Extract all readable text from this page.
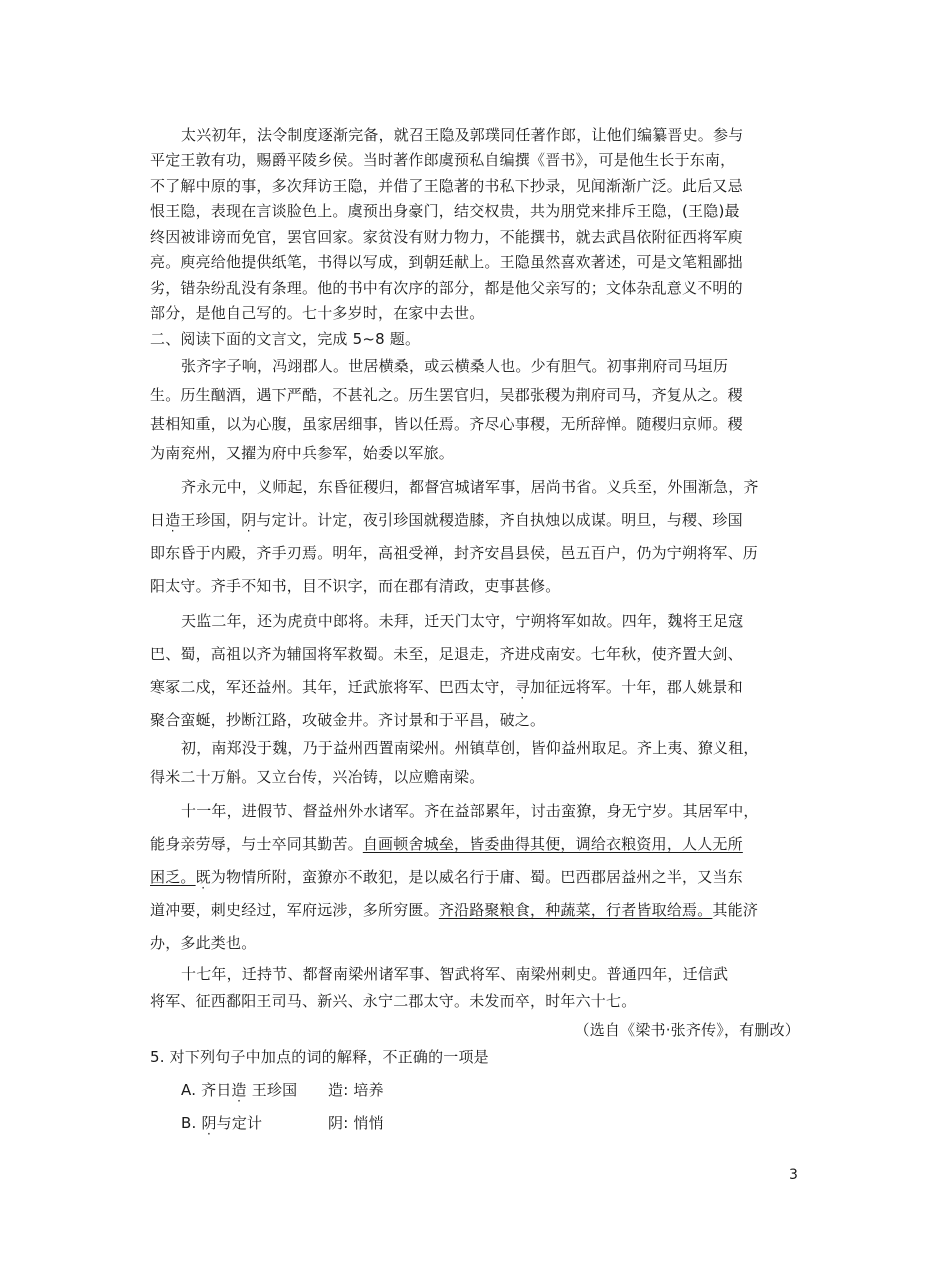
太兴初年，法令制度逐渐完备，就召王隐及郭璞同任著作郎，让他们编纂晋史。参与
平定王敦有功，赐爵平陵乡侯。当时著作郎虞预私自编撰《晋书》，可是他生长于东南，
不了解中原的事，多次拜访王隐，并借了王隐著的书私下抄录，见闻渐渐广泛。此后又忌
恨王隐，表现在言谈脸色上。虞预出身豪门，结交权贵，共为朋党来排斥王隐，(王隐)最
终因被诽谤而免官，罢官回家。家贫没有财力物力，不能撰书，就去武昌依附征西将军庾
亮。庾亮给他提供纸笔，书得以写成，到朝廷献上。王隐虽然喜欢著述，可是文笔粗鄙拙
劣，错杂纷乱没有条理。他的书中有次序的部分，都是他父亲写的；文体杂乱意义不明的
部分，是他自己写的。七十多岁时，在家中去世。
二、阅读下面的文言文，完成 5~8 题。
张齐字子响，冯翊郡人。世居横桑，或云横桑人也。少有胆气。初事荆府司马垣历
生。历生酗酒，遇下严酷，不甚礼之。历生罢官归，吴郡张稷为荆府司马，齐复从之。稷
甚相知重，以为心腹，虽家居细事，皆以任焉。齐尽心事稷，无所辞惮。随稷归京师。稷
为南兖州，又擢为府中兵参军，始委以军旅。
齐永元中，义师起，东昏征稷归，都督宫城诸军事，居尚书省。义兵至，外围渐急，齐
日造王珍国，阴与定计。计定，夜引珍国就稷造膝，齐自执烛以成谋。明旦，与稷、珍国
即东昏于内殿，齐手刃焉。明年，高祖受禅，封齐安昌县侯，邑五百户，仍为宁朔将军、历
阳太守。齐手不知书，目不识字，而在郡有清政，吏事甚修。
天监二年，还为虎贲中郎将。未拜，迁天门太守，宁朔将军如故。四年，魏将王足寇
巴、蜀，高祖以齐为辅国将军救蜀。未至，足退走，齐进戍南安。七年秋，使齐置大剑、
寒冢二戍，军还益州。其年，迁武旅将军、巴西太守，寻加征远将军。十年，郡人姚景和
聚合蛮蜒，抄断江路，攻破金井。齐讨景和于平昌，破之。
初，南郑没于魏，乃于益州西置南梁州。州镇草创，皆仰益州取足。齐上夷、獠义租，
得米二十万斛。又立台传，兴冶铸，以应赡南梁。
十一年，进假节、督益州外水诸军。齐在益部累年，讨击蛮獠，身无宁岁。其居军中，
能身亲劳辱，与士卒同其勤苦。自画顿舍城垒，皆委曲得其便，调给衣粮资用，人人无所
困乏。既为物情所附，蛮獠亦不敢犯，是以威名行于庸、蜀。巴西郡居益州之半，又当东
道冲要，刺史经过，军府远涉，多所穷匮。齐沿路聚粮食，种蔬菜，行者皆取给焉。其能济
办，多此类也。
十七年，迁持节、都督南梁州诸军事、智武将军、南梁州刺史。普通四年，迁信武
将军、征西鄱阳王司马、新兴、永宁二郡太守。未发而卒，时年六十七。
（选自《梁书·张齐传》，有删改）
5. 对下列句子中加点的词的解释，不正确的一项是
A. 齐日造 王珍国 造: 培养
B. 阴与定计	阴: 悄悄
3
